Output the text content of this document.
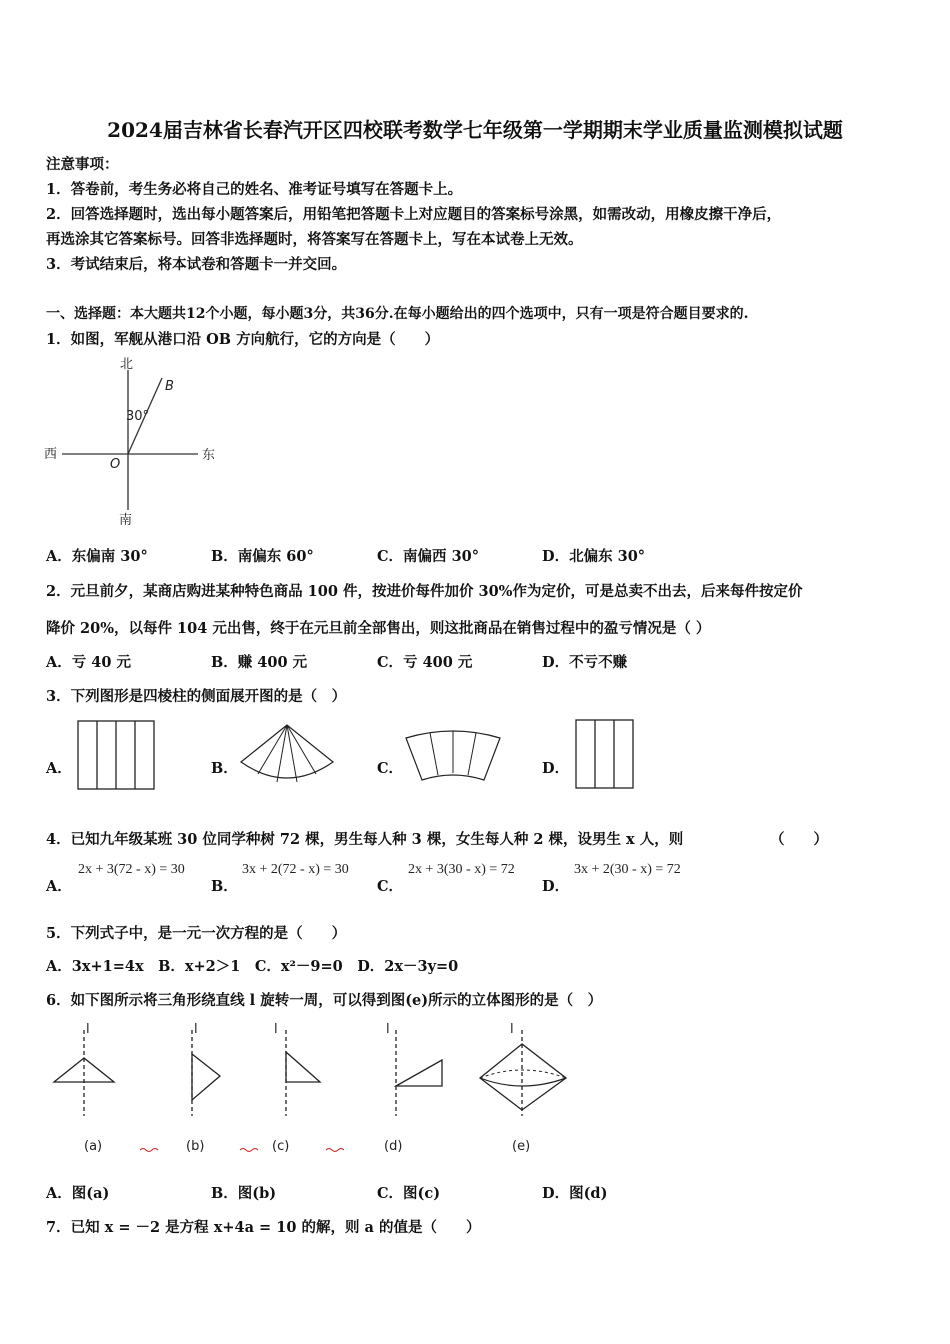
2024届吉林省长春汽开区四校联考数学七年级第一学期期末学业质量监测模拟试题
注意事项：
1．答卷前，考生务必将自己的姓名、准考证号填写在答题卡上。
2．回答选择题时，选出每小题答案后，用铅笔把答题卡上对应题目的答案标号涂黑，如需改动，用橡皮擦干净后，
再选涂其它答案标号。回答非选择题时，将答案写在答题卡上，写在本试卷上无效。
3．考试结束后，将本试卷和答题卡一并交回。
一、选择题：本大题共12个小题，每小题3分，共36分.在每小题给出的四个选项中，只有一项是符合题目要求的.
1．如图，军舰从港口沿 OB 方向航行，它的方向是（　　）
北
南
西	东
O
B
30°
A．东偏南 30°	B．南偏东 60°	C．南偏西 30°	D．北偏东 30°
2．元旦前夕，某商店购进某种特色商品 100 件，按进价每件加价 30%作为定价，可是总卖不出去，后来每件按定价
降价 20%，以每件 104 元出售，终于在元旦前全部售出，则这批商品在销售过程中的盈亏情况是（ ）
A．亏 40 元	B．赚 400 元	C．亏 400 元	D．不亏不赚
3．下列图形是四棱柱的侧面展开图的是（　）
A．	B．	C．	D．
4．已知九年级某班 30 位同学种树 72 棵，男生每人种 3 棵，女生每人种 2 棵，设男生 x 人，则	（　　）
A．
2x + 3(72 - x) = 30
B．
3x + 2(72 - x) = 30
C．
2x + 3(30 - x) = 72
D．
3x + 2(30 - x) = 72
5．下列式子中，是一元一次方程的是（　　）
A．3x+1=4x　B．x+2＞1　C．x²－9=0　D．2x－3y=0
6．如下图所示将三角形绕直线 l 旋转一周，可以得到图(e)所示的立体图形的是（　）
l
(a)
l
(b)
l
(c)
l
(d)
l
(e)
A．图(a)	B．图(b)	C．图(c)	D．图(d)
7．已知 x = －2 是方程 x+4a = 10 的解，则 a 的值是（　　）
